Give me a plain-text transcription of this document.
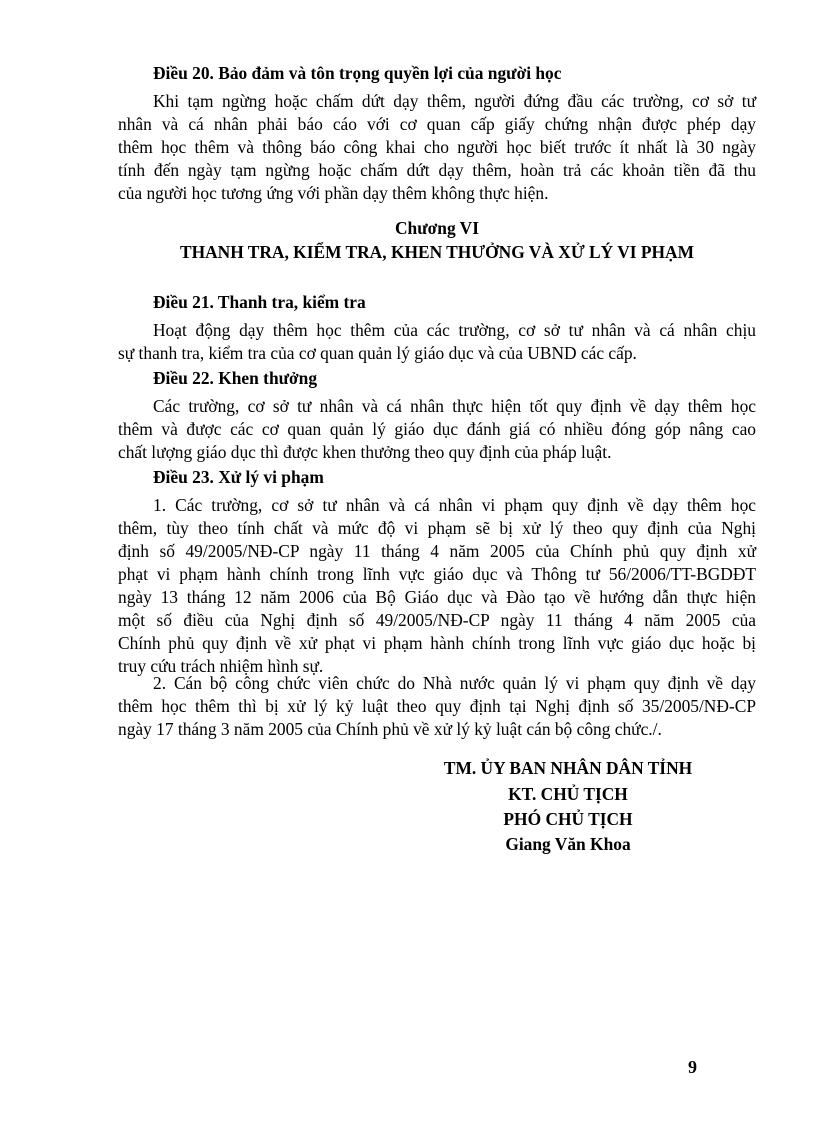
Điều 20. Bảo đảm và tôn trọng quyền lợi của người học
Khi tạm ngừng hoặc chấm dứt dạy thêm, người đứng đầu các trường, cơ sở tư
nhân và cá nhân phải báo cáo với cơ quan cấp giấy chứng nhận được phép dạy
thêm học thêm và thông báo công khai cho người học biết trước ít nhất là 30 ngày
tính đến ngày tạm ngừng hoặc chấm dứt dạy thêm, hoàn trả các khoản tiền đã thu
của người học tương ứng với phần dạy thêm không thực hiện.
Chương VI
THANH TRA, KIỂM TRA, KHEN THƯỞNG VÀ XỬ LÝ VI PHẠM
Điều 21. Thanh tra, kiểm tra
Hoạt động dạy thêm học thêm của các trường, cơ sở tư nhân và cá nhân chịu
sự thanh tra, kiểm tra của cơ quan quản lý giáo dục và của UBND các cấp.
Điều 22. Khen thưởng
Các trường, cơ sở tư nhân và cá nhân thực hiện tốt quy định về dạy thêm học
thêm và được các cơ quan quản lý giáo dục đánh giá có nhiều đóng góp nâng cao
chất lượng giáo dục thì được khen thưởng theo quy định của pháp luật.
Điều 23. Xử lý vi phạm
1. Các trường, cơ sở tư nhân và cá nhân vi phạm quy định về dạy thêm học
thêm, tùy theo tính chất và mức độ vi phạm sẽ bị xử lý theo quy định của Nghị
định số 49/2005/NĐ-CP ngày 11 tháng 4 năm 2005 của Chính phủ quy định xử
phạt vi phạm hành chính trong lĩnh vực giáo dục và Thông tư 56/2006/TT-BGDĐT
ngày 13 tháng 12 năm 2006 của Bộ Giáo dục và Đào tạo về hướng dẫn thực hiện
một số điều của Nghị định số 49/2005/NĐ-CP ngày 11 tháng 4 năm 2005 của
Chính phủ quy định về xử phạt vi phạm hành chính trong lĩnh vực giáo dục hoặc bị
truy cứu trách nhiệm hình sự.
2. Cán bộ công chức viên chức do Nhà nước quản lý vi phạm quy định về dạy
thêm học thêm thì bị xử lý kỷ luật theo quy định tại Nghị định số 35/2005/NĐ-CP
ngày 17 tháng 3 năm 2005 của Chính phủ về xử lý kỷ luật cán bộ công chức./.
TM. ỦY BAN NHÂN DÂN TỈNH
KT. CHỦ TỊCH
PHÓ CHỦ TỊCH
Giang Văn Khoa
9
